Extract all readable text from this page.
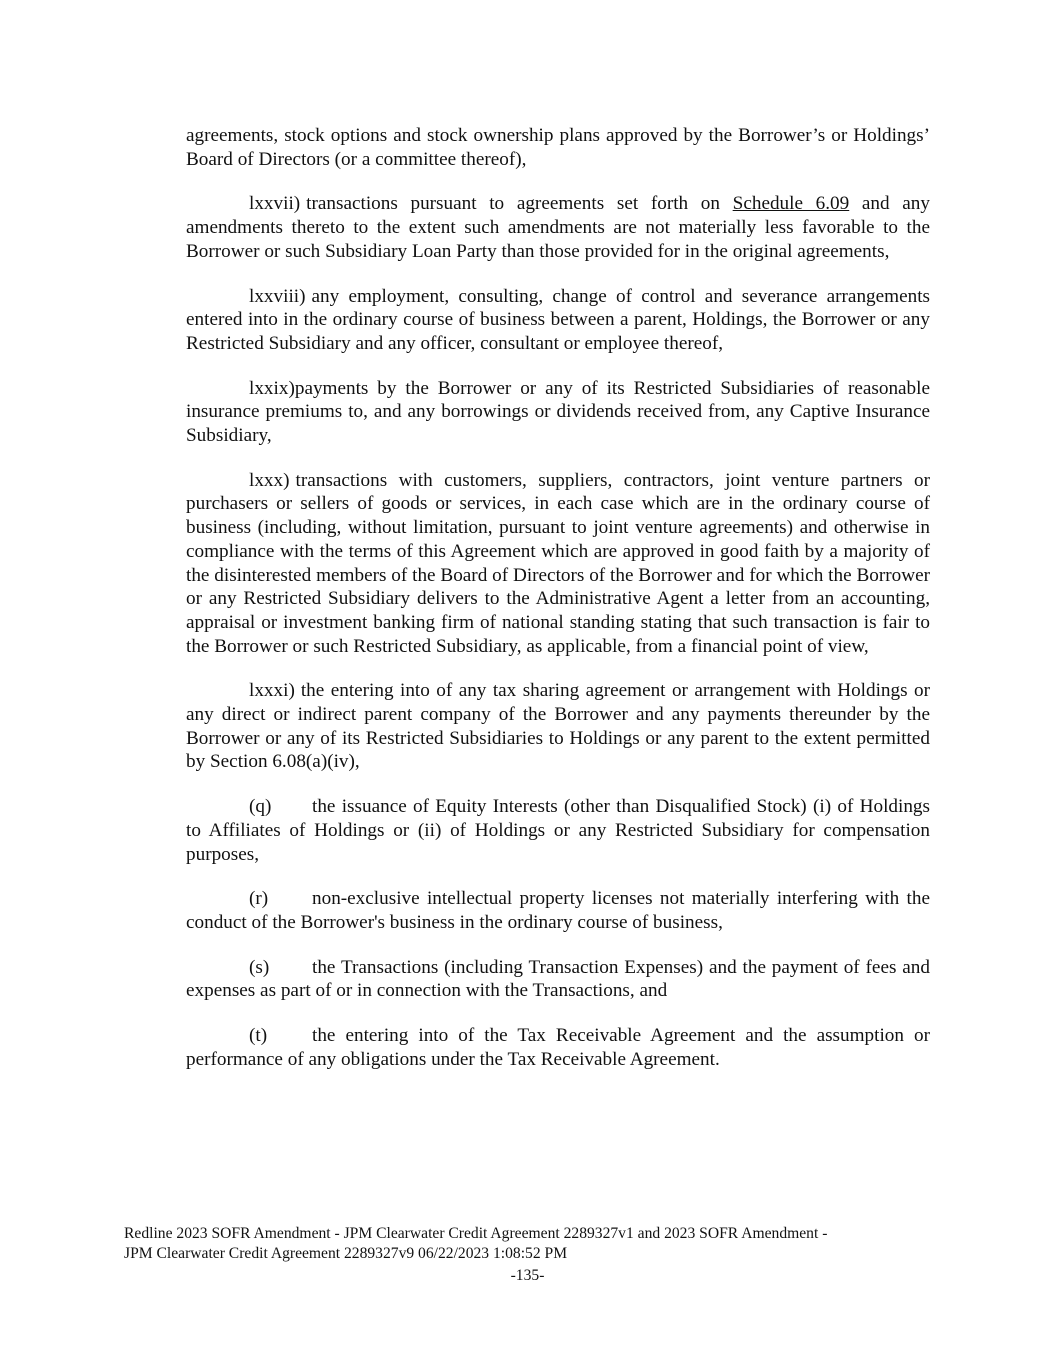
agreements, stock options and stock ownership plans approved by the Borrower’s or Holdings’ Board of Directors (or a committee thereof),

lxxvii) transactions pursuant to agreements set forth on Schedule 6.09 and any amendments thereto to the extent such amendments are not materially less favorable to the Borrower or such Subsidiary Loan Party than those provided for in the original agreements,

lxxviii) any employment, consulting, change of control and severance arrangements entered into in the ordinary course of business between a parent, Holdings, the Borrower or any Restricted Subsidiary and any officer, consultant or employee thereof,

lxxix)payments by the Borrower or any of its Restricted Subsidiaries of reasonable insurance premiums to, and any borrowings or dividends received from, any Captive Insurance Subsidiary,

lxxx) transactions with customers, suppliers, contractors, joint venture partners or purchasers or sellers of goods or services, in each case which are in the ordinary course of business (including, without limitation, pursuant to joint venture agreements) and otherwise in compliance with the terms of this Agreement which are approved in good faith by a majority of the disinterested members of the Board of Directors of the Borrower and for which the Borrower or any Restricted Subsidiary delivers to the Administrative Agent a letter from an accounting, appraisal or investment banking firm of national standing stating that such transaction is fair to the Borrower or such Restricted Subsidiary, as applicable, from a financial point of view,

lxxxi) the entering into of any tax sharing agreement or arrangement with Holdings or any direct or indirect parent company of the Borrower and any payments thereunder by the Borrower or any of its Restricted Subsidiaries to Holdings or any parent to the extent permitted by Section 6.08(a)(iv),

(q) the issuance of Equity Interests (other than Disqualified Stock) (i) of Holdings to Affiliates of Holdings or (ii) of Holdings or any Restricted Subsidiary for compensation purposes,

(r) non-exclusive intellectual property licenses not materially interfering with the conduct of the Borrower's business in the ordinary course of business,

(s) the Transactions (including Transaction Expenses) and the payment of fees and expenses as part of or in connection with the Transactions, and

(t) the entering into of the Tax Receivable Agreement and the assumption or performance of any obligations under the Tax Receivable Agreement.

Redline 2023 SOFR Amendment - JPM Clearwater Credit Agreement 2289327v1 and 2023 SOFR Amendment -

JPM Clearwater Credit Agreement 2289327v9 06/22/2023 1:08:52 PM

-135-
